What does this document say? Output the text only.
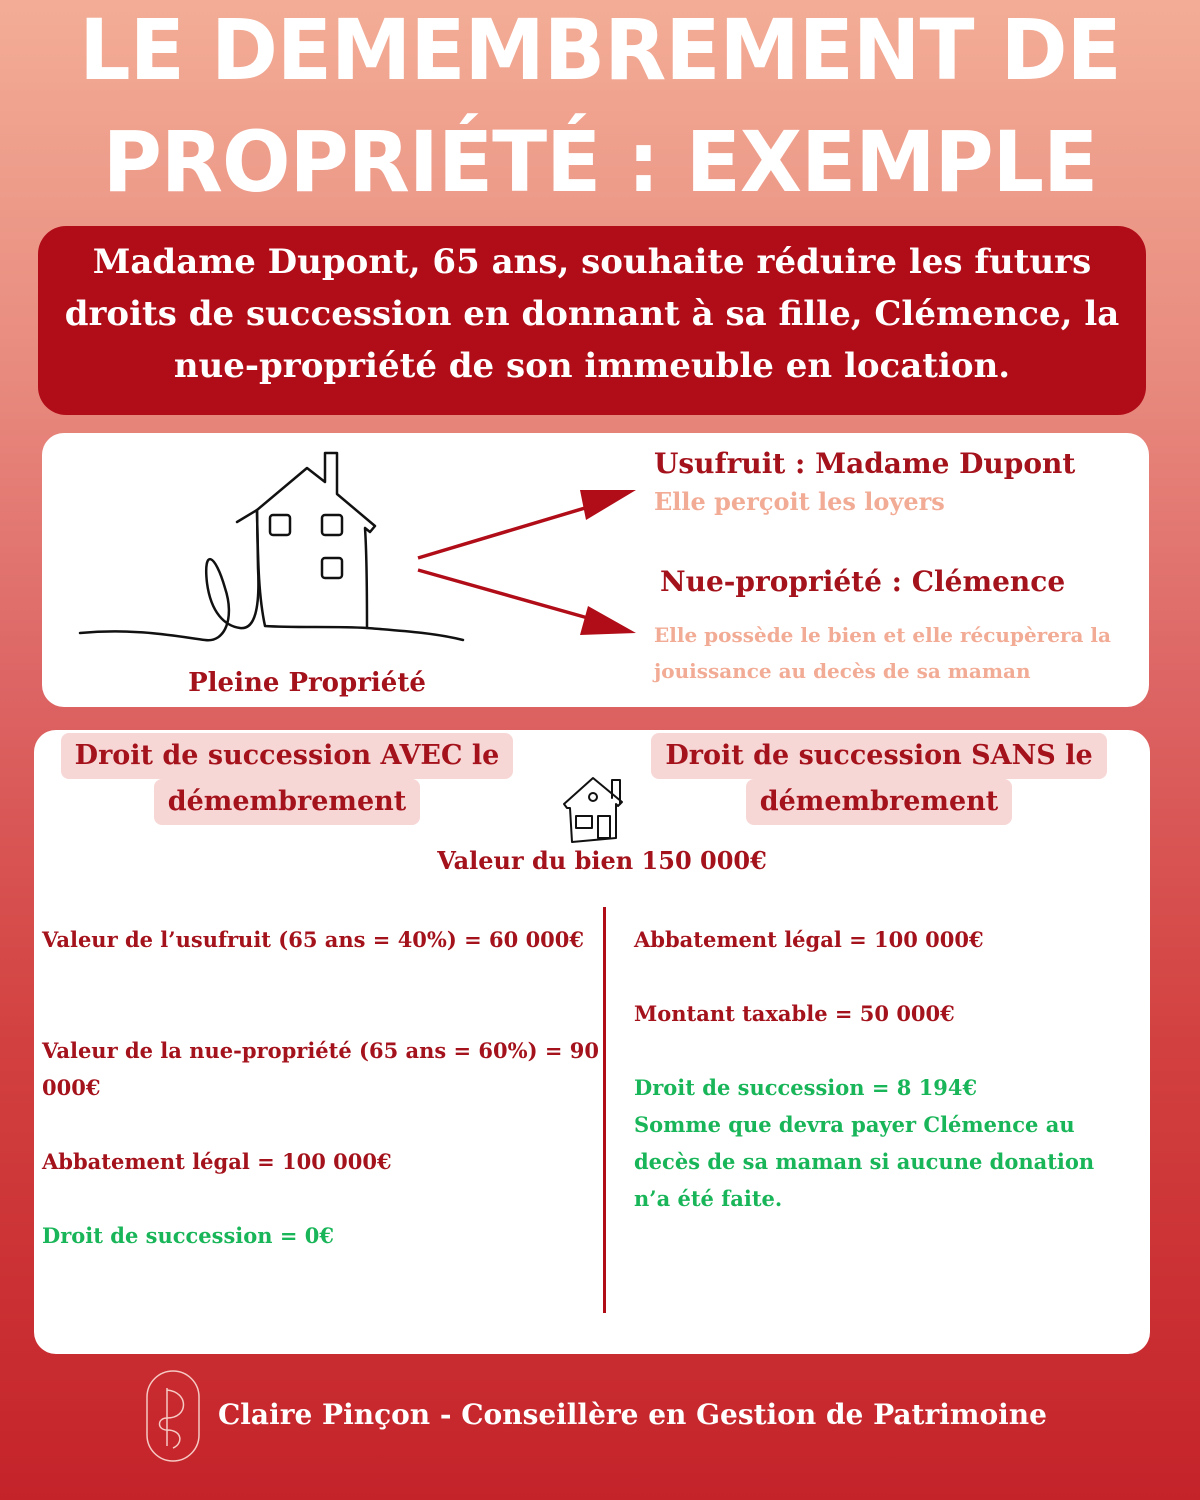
LE DEMEMBREMENT DE
PROPRIÉTÉ : EXEMPLE
Madame Dupont, 65 ans, souhaite réduire les futurs droits de succession en donnant à sa fille, Clémence, la nue-propriété de son immeuble en location.
Pleine Propriété
Usufruit : Madame Dupont
Elle perçoit les loyers
Nue-propriété : Clémence
Elle possède le bien et elle récupèrera la jouissance au decès de sa maman
Droit de succession AVEC le
démembrement
Droit de succession SANS le
démembrement
Valeur du bien 150 000€
Valeur de l’usufruit (65 ans = 40%) = 60 000€
Valeur de la nue-propriété (65 ans = 60%) = 90 000€
Abbatement légal = 100 000€
Droit de succession = 0€
Abbatement légal = 100 000€
Montant taxable = 50 000€
Droit de succession = 8 194€
Somme que devra payer Clémence au decès de sa maman si aucune donation n’a été faite.
Claire Pinçon - Conseillère en Gestion de Patrimoine
